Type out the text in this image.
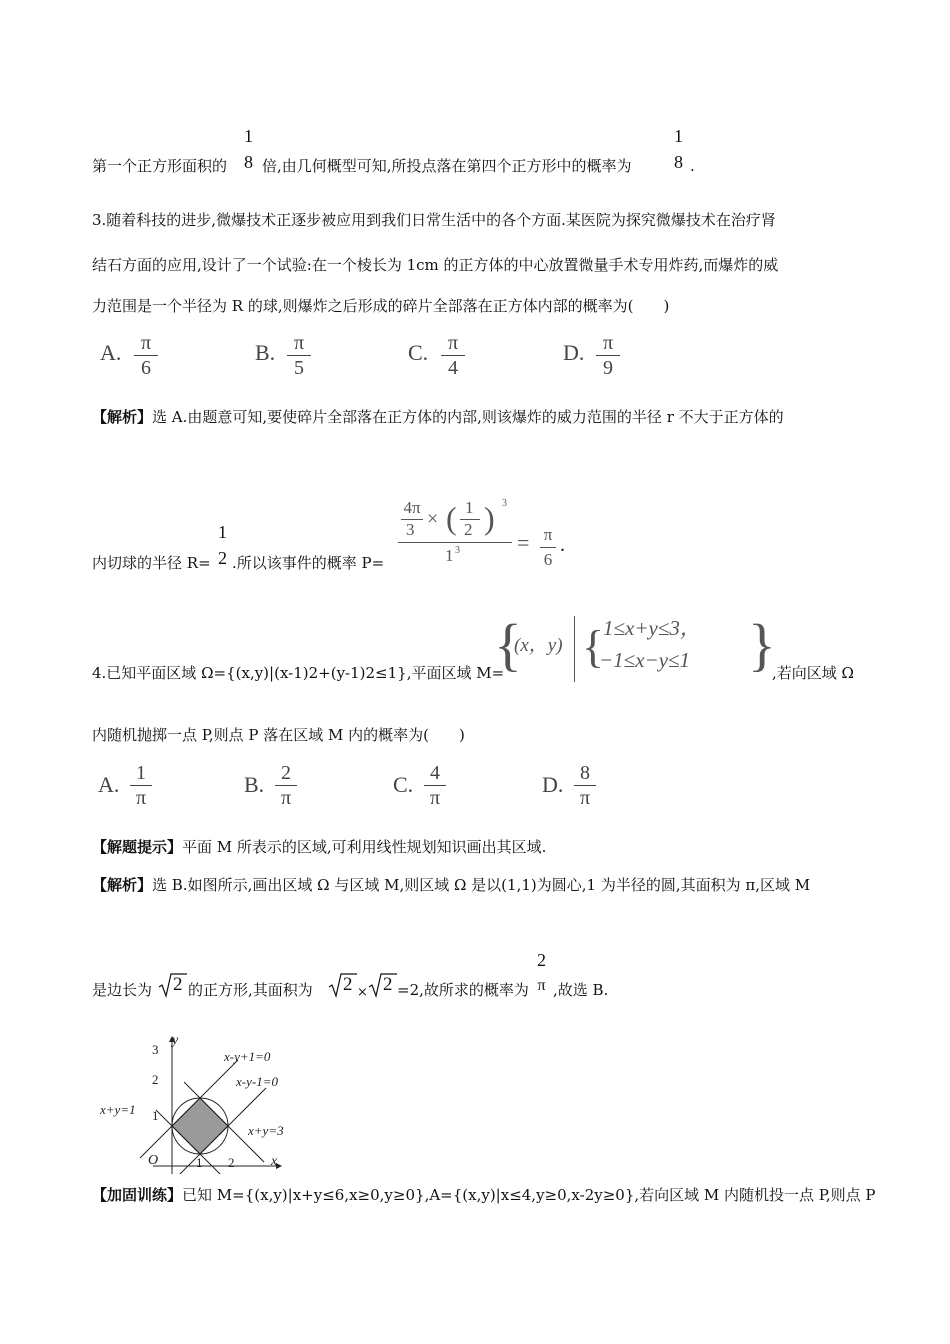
第一个正方形面积的
1
8 倍,由几何概型可知,所投点落在第四个正方形中的概率为
1
8 .
3.随着科技的进步,微爆技术正逐步被应用到我们日常生活中的各个方面.某医院为探究微爆技术在治疗肾
结石方面的应用,设计了一个试验:在一个棱长为 1cm 的正方体的中心放置微量手术专用炸药,而爆炸的威
力范围是一个半径为 R 的球,则爆炸之后形成的碎片全部落在正方体内部的概率为(　　)
A. π
6
B. π
5
C. π
4
D. π
9
【解析】选 A.由题意可知,要使碎片全部落在正方体的内部,则该爆炸的威力范围的半径 r 不大于正方体的
内切球的半径 R=
1
2 .所以该事件的概率 P=
4π
3 × ( 1
2 ) 3
1 3	= π
6
.
4.已知平面区域 Ω={(x,y)|(x-1)2+(y-1)2≤1},平面区域 M=
{
(x，y) {
1≤x+y≤3，
−1≤x−y≤1 }
,若向区域 Ω
内随机抛掷一点 P,则点 P 落在区域 M 内的概率为(　　)
A. 1
π
B. 2
π
C. 4
π
D. 8
π
【解题提示】平面 M 所表示的区域,可利用线性规划知识画出其区域.
【解析】选 B.如图所示,画出区域 Ω 与区域 M,则区域 Ω 是以(1,1)为圆心,1 为半径的圆,其面积为 π,区域 M
是边长为 2 的正方形,其面积为 2 × 2 =2,故所求的概率为
2
π ,故选 B.
y
x
O
3
2
1
1 2
x-y+1=0
x-y-1=0
x+y=1
x+y=3
【加固训练】已知 M={(x,y)|x+y≤6,x≥0,y≥0},A={(x,y)|x≤4,y≥0,x-2y≥0},若向区域 M 内随机投一点 P,则点 P
